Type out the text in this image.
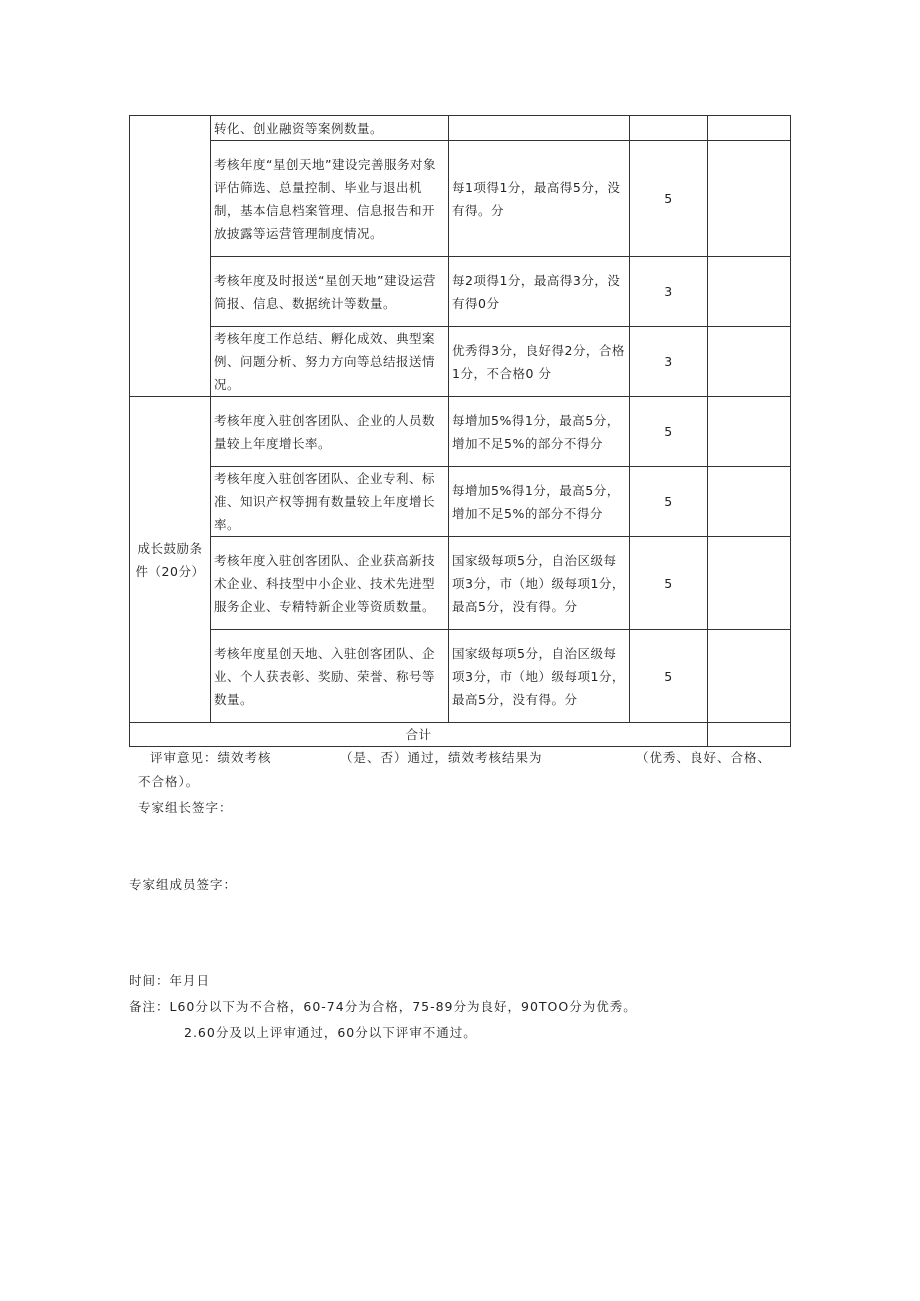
	转化、创业融资等案例数量。			
	考核年度“星创天地”建设完善服务对象评估筛选、总量控制、毕业与退出机制，基本信息档案管理、信息报告和开放披露等运营管理制度情况。	每1项得1分，最高得5分，没有得。分	5	
	考核年度及时报送“星创天地”建设运营简报、信息、数据统计等数量。	每2项得1分，最高得3分，没有得0分	3	
	考核年度工作总结、孵化成效、典型案例、问题分析、努力方向等总结报送情况。	优秀得3分，良好得2分，合格1分，不合格0 分	3	
成长鼓励条件（20分）	考核年度入驻创客团队、企业的人员数量较上年度增长率。	每增加5%得1分，最高5分，增加不足5%的部分不得分	5	
	考核年度入驻创客团队、企业专利、标准、知识产权等拥有数量较上年度增长率。	每增加5%得1分，最高5分，增加不足5%的部分不得分	5	
	考核年度入驻创客团队、企业获高新技术企业、科技型中小企业、技术先进型服务企业、专精特新企业等资质数量。	国家级每项5分，自治区级每项3分，市（地）级每项1分，最高5分，没有得。分	5	
	考核年度星创天地、入驻创客团队、企业、个人获表彰、奖励、荣誉、称号等数量。	国家级每项5分，自治区级每项3分，市（地）级每项1分，最高5分，没有得。分	5	
合计				
评审意见：绩效考核	（是、否）通过，绩效考核结果为	（优秀、良好、合格、
不合格）。
专家组长签字：
专家组成员签字：
时间：年月日
备注：L60分以下为不合格，60-74分为合格，75-89分为良好，90TOO分为优秀。
2.60分及以上评审通过，60分以下评审不通过。
